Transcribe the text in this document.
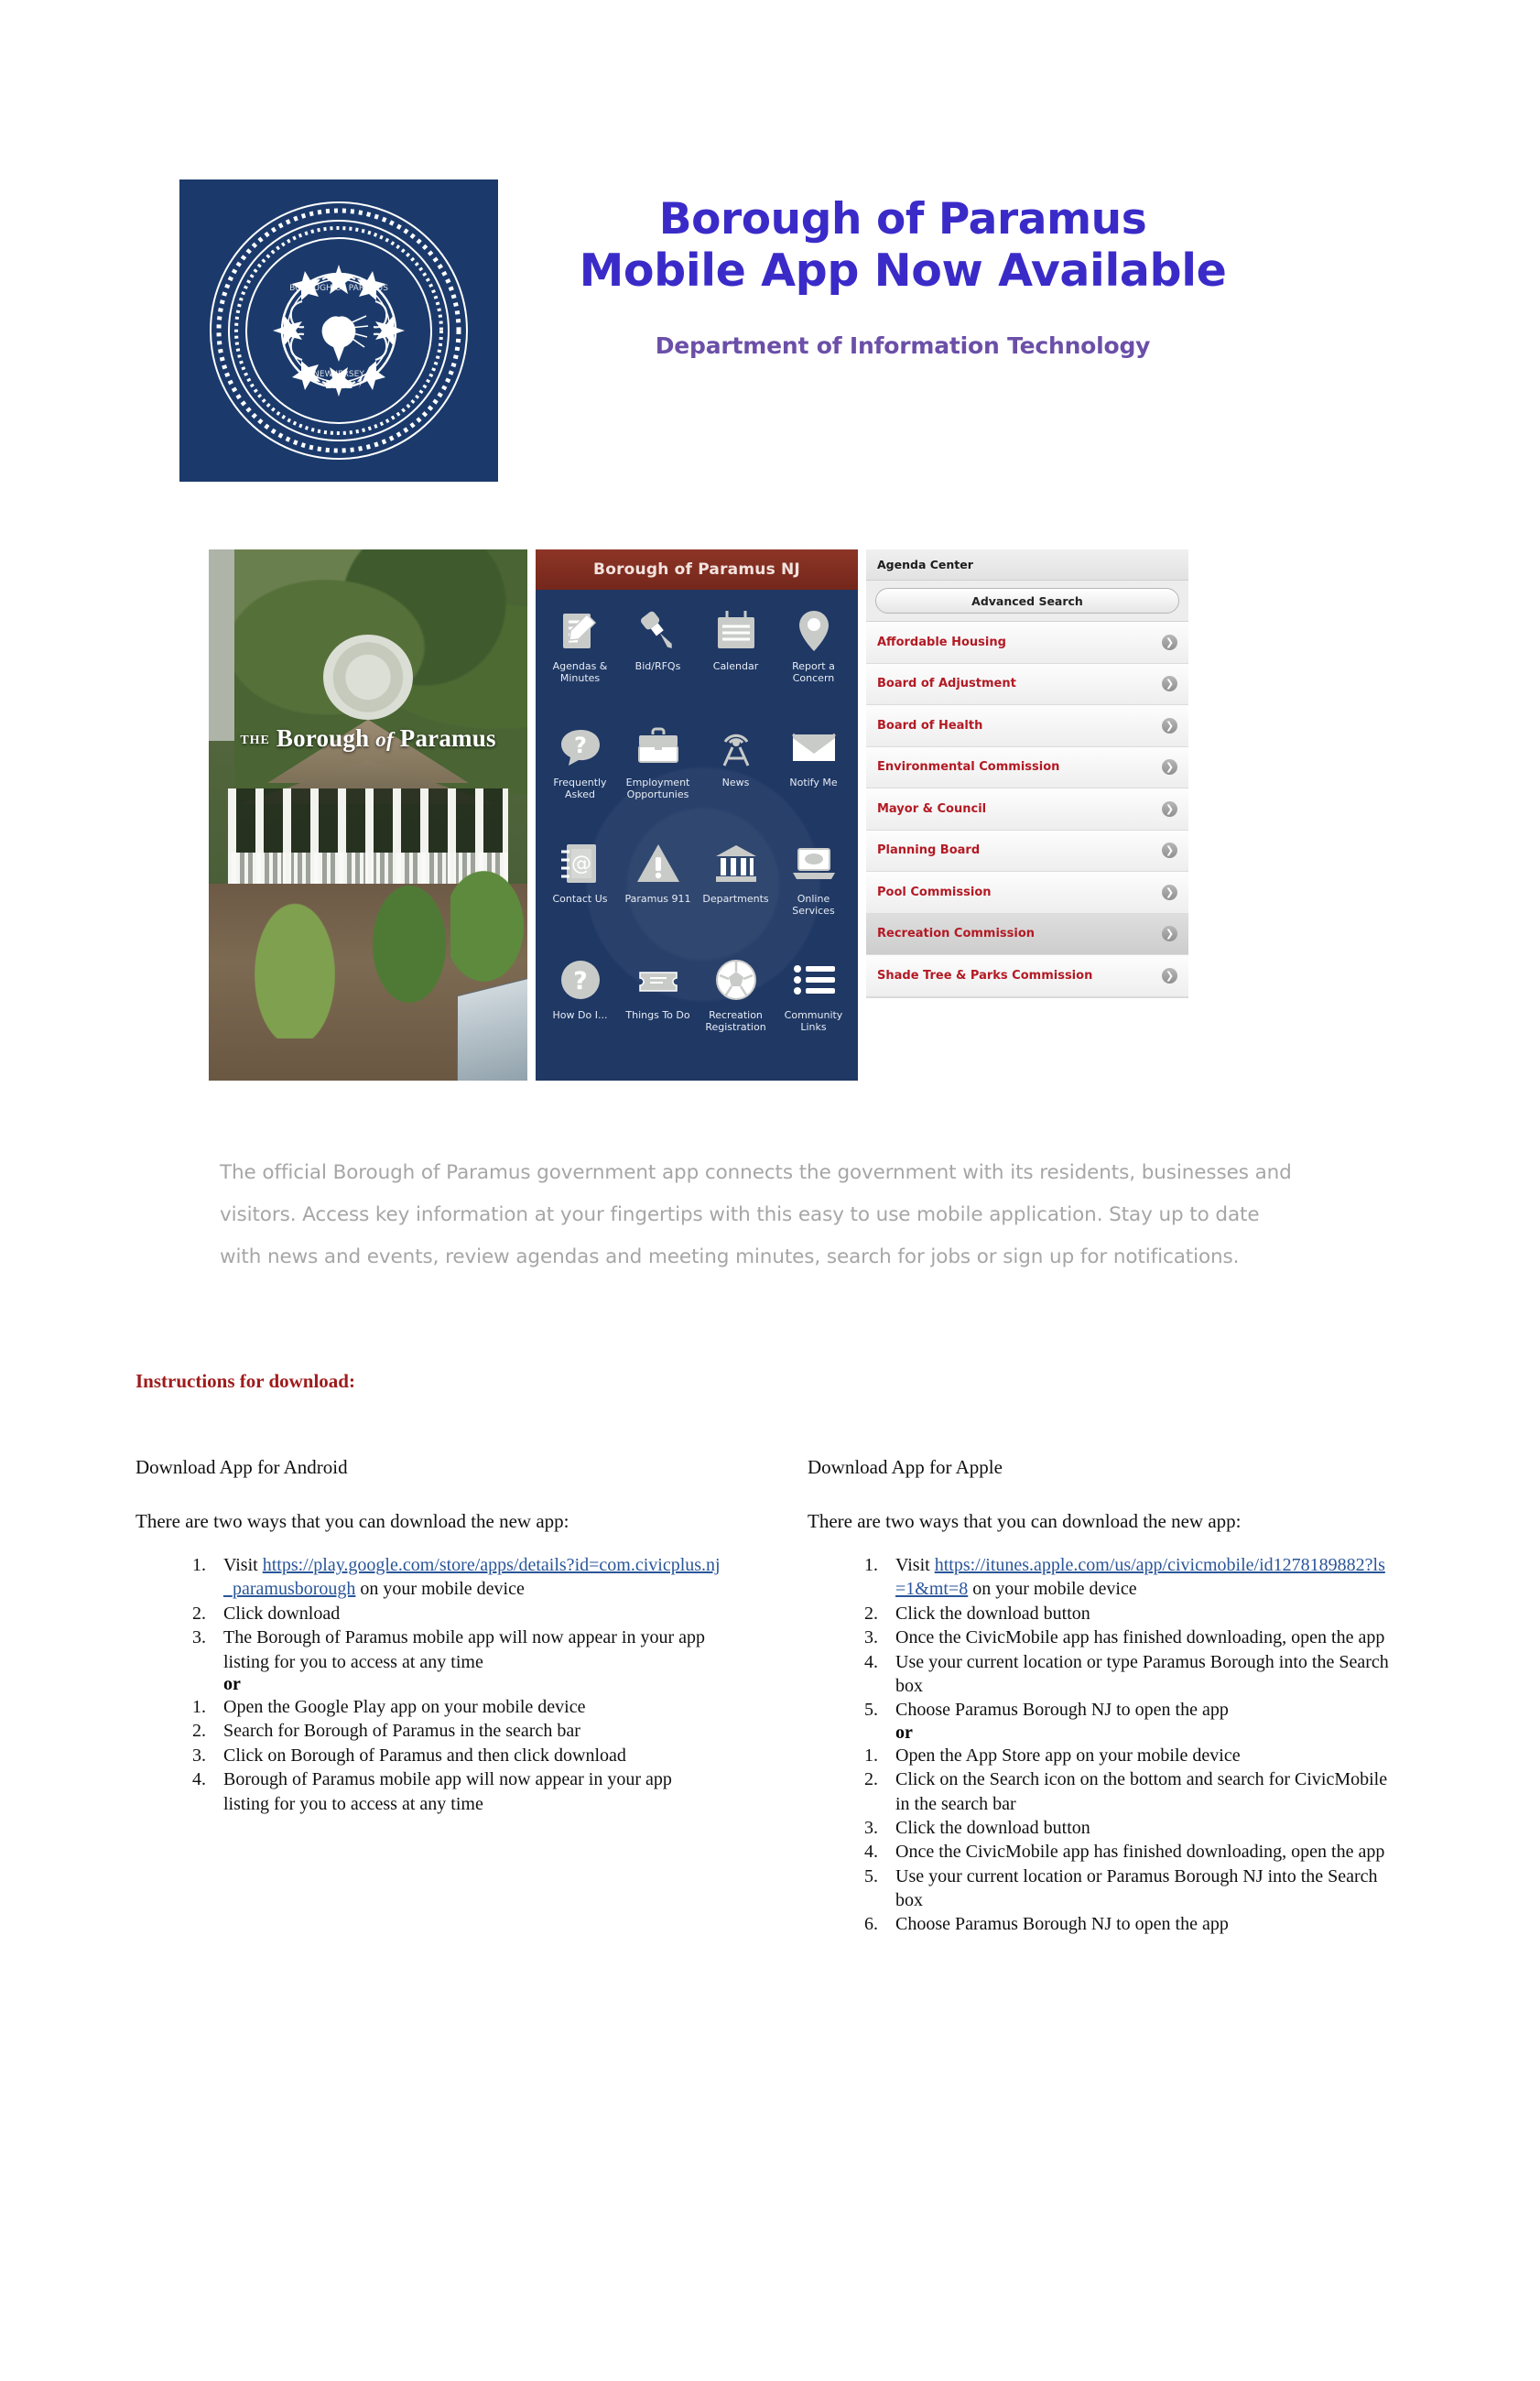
BOROUGH OF PARAMUS
NEW JERSEY
1922
Borough of Paramus
Mobile App Now Available
Department of Information Technology
THE Borough of Paramus
Borough of Paramus NJ
Agendas & Minutes
Bid/RFQs	Calendar	Report a Concern
?
Frequently Asked
Employment Opportunies
News	Notify Me
@
Contact Us Paramus 911 Departments	Online Services
?
How Do I... Things To Do	Recreation Registration
Community Links
Agenda Center
Advanced Search
Affordable Housing	❯
Board of Adjustment	❯
Board of Health	❯
Environmental Commission	❯
Mayor & Council	❯
Planning Board	❯
Pool Commission	❯
Recreation Commission	❯
Shade Tree & Parks Commission	❯
The official Borough of Paramus government app connects the government with its residents, businesses and visitors. Access key information at your fingertips with this easy to use mobile application. Stay up to date with news and events, review agendas and meeting minutes, search for jobs or sign up for notifications.
Instructions for download:
Download App for Android

There are two ways that you can download the new app:

1. Visit https://play.google.com/store/apps/details?id=com.civicplus.nj_paramusborough on your mobile device
2. Click download
3. The Borough of Paramus mobile app will now appear in your app listing for you to access at any time
or
1. Open the Google Play app on your mobile device
2. Search for Borough of Paramus in the search bar
3. Click on Borough of Paramus and then click download
4. Borough of Paramus mobile app will now appear in your app listing for you to access at any time
Download App for Apple

There are two ways that you can download the new app:

1. Visit https://itunes.apple.com/us/app/civicmobile/id1278189882?ls=1&mt=8 on your mobile device
2. Click the download button
3. Once the CivicMobile app has finished downloading, open the app
4. Use your current location or type Paramus Borough into the Search box
5. Choose Paramus Borough NJ to open the app
or
1. Open the App Store app on your mobile device
2. Click on the Search icon on the bottom and search for CivicMobile in the search bar
3. Click the download button
4. Once the CivicMobile app has finished downloading, open the app
5. Use your current location or Paramus Borough NJ into the Search box
6. Choose Paramus Borough NJ to open the app
